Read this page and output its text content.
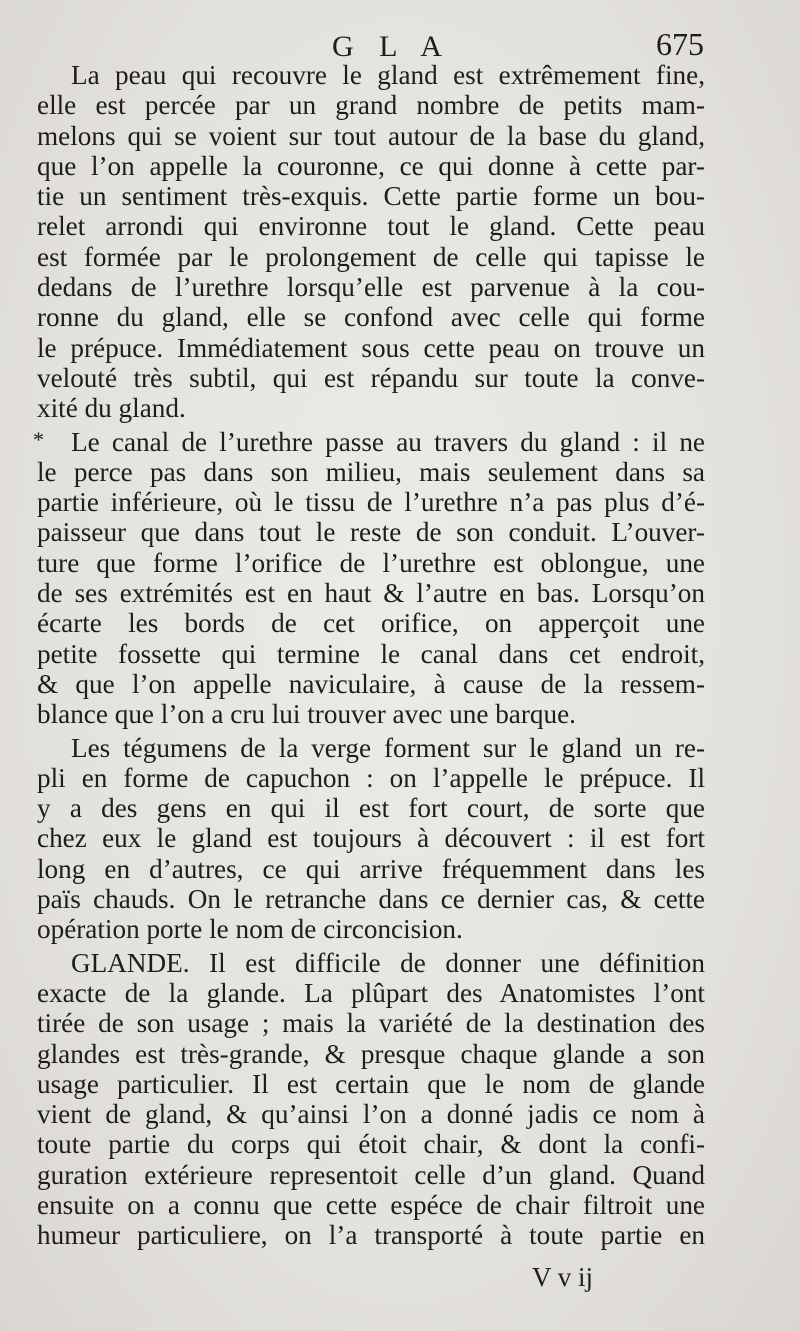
G L A	675
La peau qui recouvre le gland est extrêmement fine,
elle est percée par un grand nombre de petits mam-
melons qui se voient sur tout autour de la base du gland,
que l’on appelle la couronne, ce qui donne à cette par-
tie un sentiment très-exquis. Cette partie forme un bou-
relet arrondi qui environne tout le gland. Cette peau
est formée par le prolongement de celle qui tapisse le
dedans de l’urethre lorsqu’elle est parvenue à la cou-
ronne du gland, elle se confond avec celle qui forme
le prépuce. Immédiatement sous cette peau on trouve un
velouté très subtil, qui est répandu sur toute la conve-
xité du gland.
* Le canal de l’urethre passe au travers du gland : il ne
le perce pas dans son milieu, mais seulement dans sa
partie inférieure, où le tissu de l’urethre n’a pas plus d’é-
paisseur que dans tout le reste de son conduit. L’ouver-
ture que forme l’orifice de l’urethre est oblongue, une
de ses extrémités est en haut & l’autre en bas. Lorsqu’on
écarte les bords de cet orifice, on apperçoit une
petite fossette qui termine le canal dans cet endroit,
& que l’on appelle naviculaire, à cause de la ressem-
blance que l’on a cru lui trouver avec une barque.
Les tégumens de la verge forment sur le gland un re-
pli en forme de capuchon : on l’appelle le prépuce. Il
y a des gens en qui il est fort court, de sorte que
chez eux le gland est toujours à découvert : il est fort
long en d’autres, ce qui arrive fréquemment dans les
païs chauds. On le retranche dans ce dernier cas, & cette
opération porte le nom de circoncision.
GLANDE. Il est difficile de donner une définition
exacte de la glande. La plûpart des Anatomistes l’ont
tirée de son usage ; mais la variété de la destination des
glandes est très-grande, & presque chaque glande a son
usage particulier. Il est certain que le nom de glande
vient de gland, & qu’ainsi l’on a donné jadis ce nom à
toute partie du corps qui étoit chair, & dont la confi-
guration extérieure representoit celle d’un gland. Quand
ensuite on a connu que cette espéce de chair filtroit une
humeur particuliere, on l’a transporté à toute partie en
V v ij
